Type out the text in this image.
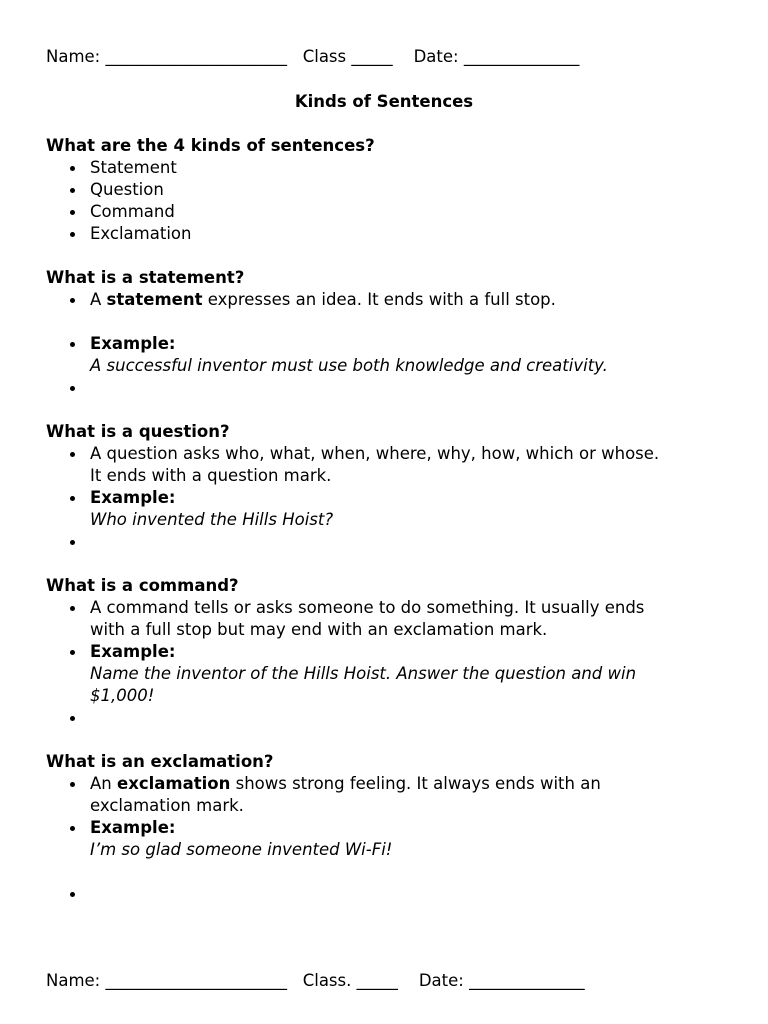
Name: ______________________   Class _____    Date: ______________
Kinds of Sentences
What are the 4 kinds of sentences?
Statement
Question
Command
Exclamation
What is a statement?
A statement expresses an idea. It ends with a full stop.
Example:
A successful inventor must use both knowledge and creativity.
What is a question?
A question asks who, what, when, where, why, how, which or whose.
It ends with a question mark.
Example:
Who invented the Hills Hoist?
What is a command?
A command tells or asks someone to do something. It usually ends
with a full stop but may end with an exclamation mark.
Example:
Name the inventor of the Hills Hoist. Answer the question and win
$1,000!
What is an exclamation?
An exclamation shows strong feeling. It always ends with an
exclamation mark.
Example:
I’m so glad someone invented Wi-Fi!
Name: ______________________   Class. _____    Date: ______________
